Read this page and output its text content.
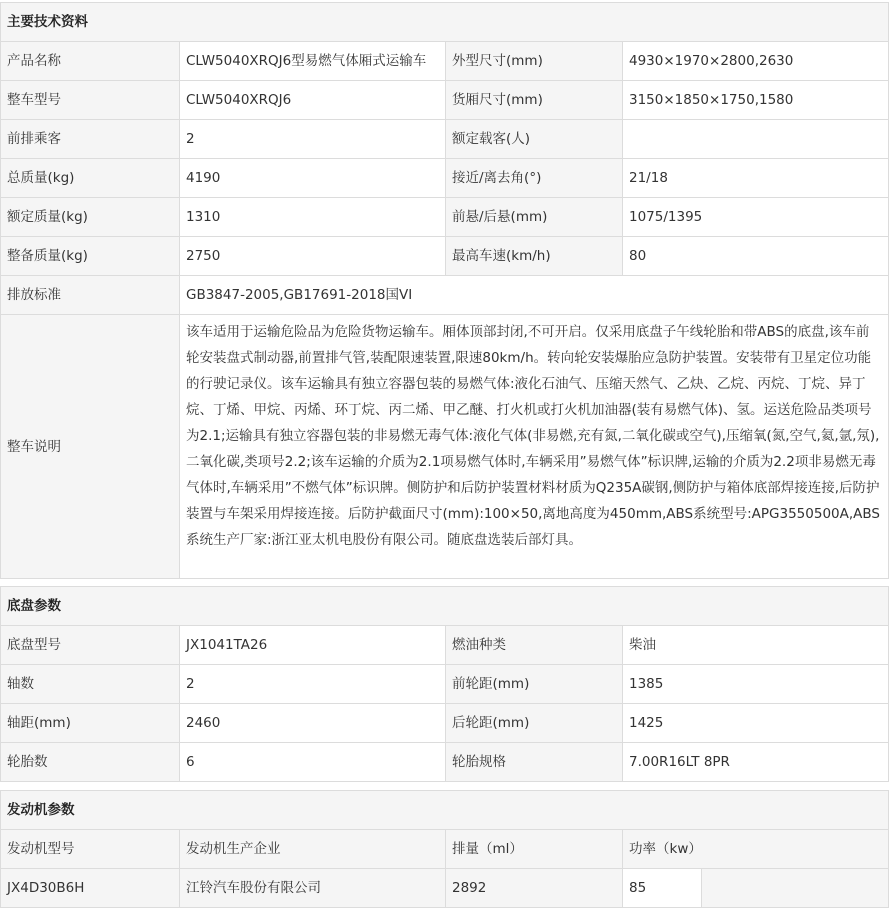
主要技术资料			
产品名称	CLW5040XRQJ6型易燃气体厢式运输车	外型尺寸(mm)	4930×1970×2800,2630
整车型号	CLW5040XRQJ6	货厢尺寸(mm)	3150×1850×1750,1580
前排乘客	2	额定载客(人)	
总质量(kg)	4190	接近/离去角(°)	21/18
额定质量(kg)	1310	前悬/后悬(mm)	1075/1395
整备质量(kg)	2750	最高车速(km/h)	80
排放标准	GB3847-2005,GB17691-2018国VI		
整车说明	该车适用于运输危险品为危险货物运输车。厢体顶部封闭,不可开启。仅采用底盘子午线轮胎和带ABS的底盘,该车前轮安装盘式制动器,前置排气管,装配限速装置,限速80km/h。转向轮安装爆胎应急防护装置。安装带有卫星定位功能的行驶记录仪。该车运输具有独立容器包装的易燃气体:液化石油气、压缩天然气、乙炔、乙烷、丙烷、丁烷、异丁烷、丁烯、甲烷、丙烯、环丁烷、丙二烯、甲乙醚、打火机或打火机加油器(装有易燃气体)、氢。运送危险品类项号为2.1;运输具有独立容器包装的非易燃无毒气体:液化气体(非易燃,充有氮,二氧化碳或空气),压缩氧(氮,空气,氦,氩,氖),二氧化碳,类项号2.2;该车运输的介质为2.1项易燃气体时,车辆采用”易燃气体”标识牌,运输的介质为2.2项非易燃无毒气体时,车辆采用”不燃气体”标识牌。侧防护和后防护装置材料材质为Q235A碳钢,侧防护与箱体底部焊接连接,后防护装置与车架采用焊接连接。后防护截面尺寸(mm):100×50,离地高度为450mm,ABS系统型号:APG3550500A,ABS系统生产厂家:浙江亚太机电股份有限公司。随底盘选装后部灯具。		
底盘参数			
底盘型号	JX1041TA26	燃油种类	柴油
轴数	2	前轮距(mm)	1385
轴距(mm)	2460	后轮距(mm)	1425
轮胎数	6	轮胎规格	7.00R16LT 8PR
发动机参数			
发动机型号	发动机生产企业	排量（ml）	功率（kw）
JX4D30B6H	江铃汽车股份有限公司	2892	85
